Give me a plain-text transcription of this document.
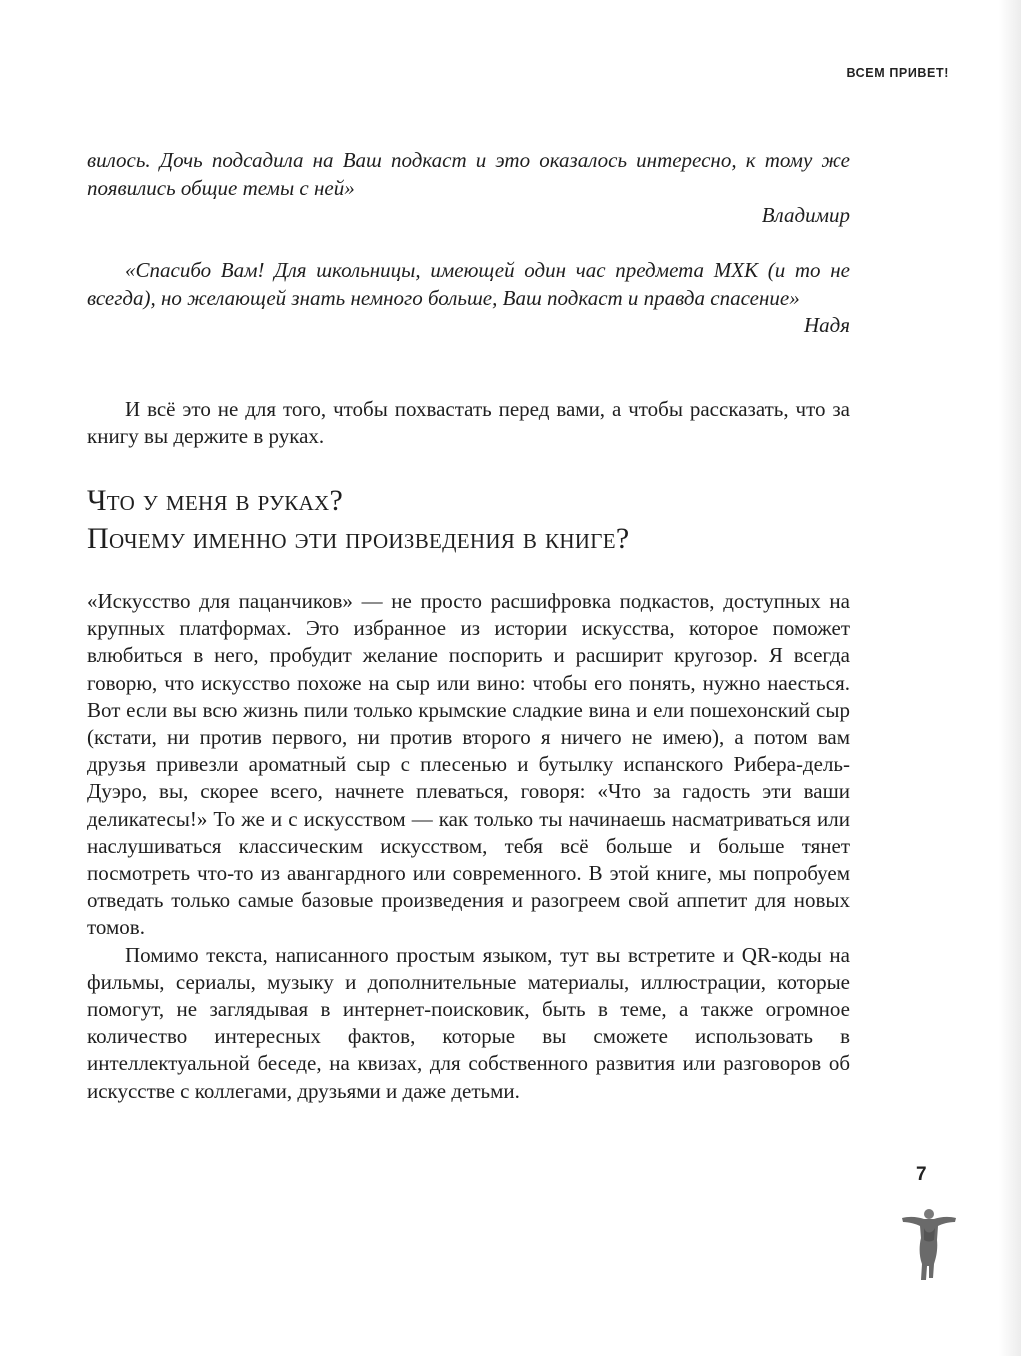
ВСЕМ ПРИВЕТ!

вилось. Дочь подсадила на Ваш подкаст и это оказалось интересно, к тому же появились общие темы с ней»

Владимир

«Спасибо Вам! Для школьницы, имеющей один час предмета МХК (и то не всегда), но желающей знать немного больше, Ваш подкаст и правда спасение»

Надя

И всё это не для того, чтобы похвастать перед вами, а чтобы рассказать, что за книгу вы держите в руках.

Что у меня в руках?
Почему именно эти произведения в книге?

«Искусство для пацанчиков» — не просто расшифровка подкастов, доступных на крупных платформах. Это избранное из истории искусства, которое поможет влюбиться в него, пробудит желание поспорить и расширит кругозор. Я всегда говорю, что искусство похоже на сыр или вино: чтобы его понять, нужно наесться. Вот если вы всю жизнь пили только крымские сладкие вина и ели пошехонский сыр (кстати, ни против первого, ни против второго я ничего не имею), а потом вам друзья привезли ароматный сыр с плесенью и бутылку испанского Рибера-дель-Дуэро, вы, скорее всего, начнете плеваться, говоря: «Что за гадость эти ваши деликатесы!» То же и с искусством — как только ты начинаешь насматриваться или наслушиваться классическим искусством, тебя всё больше и больше тянет посмотреть что-то из авангардного или современного. В этой книге, мы попробуем отведать только самые базовые произведения и разогреем свой аппетит для новых томов.

Помимо текста, написанного простым языком, тут вы встретите и QR-коды на фильмы, сериалы, музыку и дополнительные материалы, иллюстрации, которые помогут, не заглядывая в интернет-поисковик, быть в теме, а также огромное количество интересных фактов, которые вы сможете использовать в интеллектуальной беседе, на квизах, для собственного развития или разговоров об искусстве с коллегами, друзьями и даже детьми.

7
